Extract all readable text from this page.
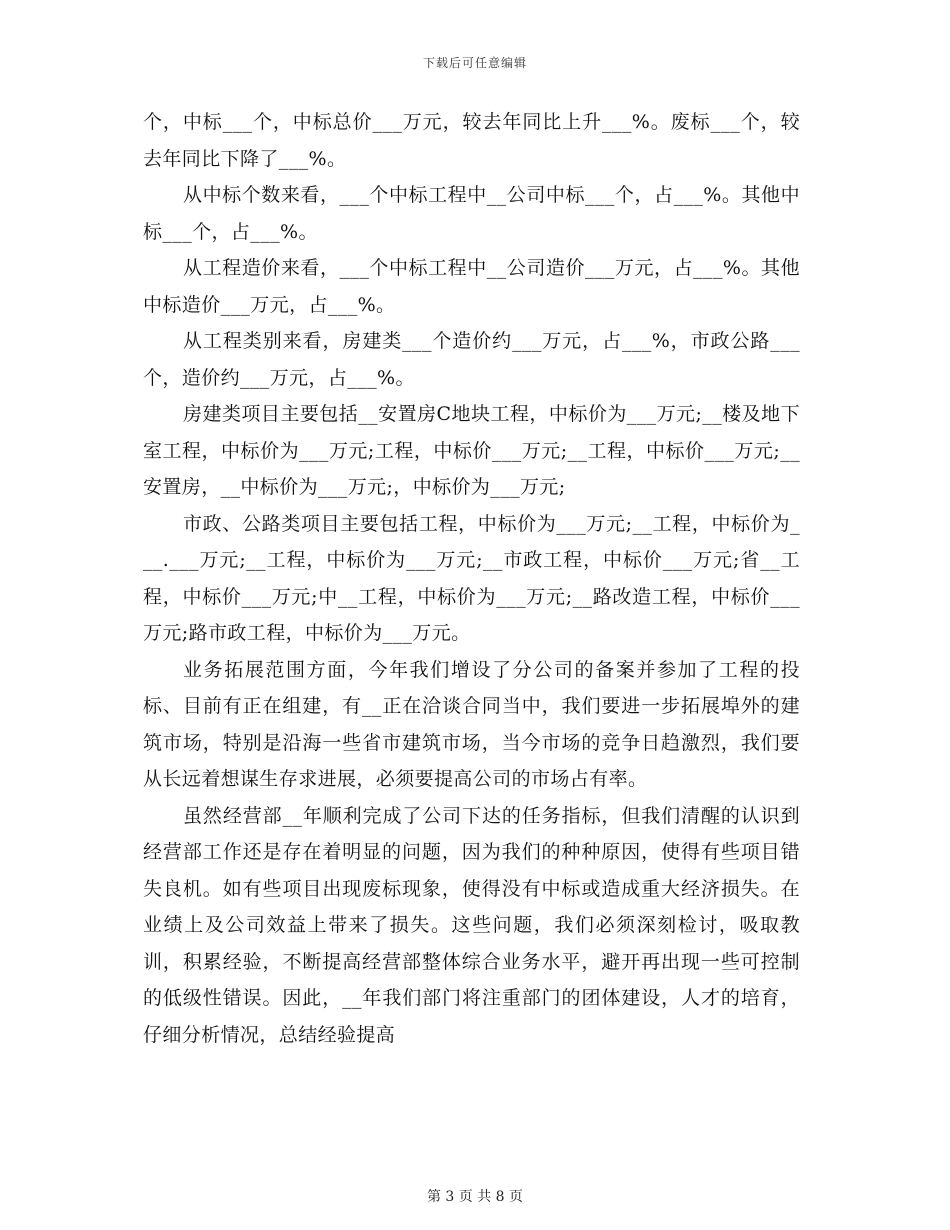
下载后可任意编辑

个，中标___个，中标总价___万元，较去年同比上升___%。废标___个，较去年同比下降了___%。

从中标个数来看，___个中标工程中__公司中标___个，占___%。其他中标___个，占___%。

从工程造价来看，___个中标工程中__公司造价___万元，占___%。其他中标造价___万元，占___%。

从工程类别来看，房建类___个造价约___万元，占___%，市政公路___个，造价约___万元，占___%。

房建类项目主要包括__安置房C地块工程，中标价为___万元;__楼及地下室工程，中标价为___万元;工程，中标价___万元;__工程，中标价___万元;__安置房，__中标价为___万元;，中标价为___万元;

市政、公路类项目主要包括工程，中标价为___万元;__工程，中标价为___.___万元;__工程，中标价为___万元;__市政工程，中标价___万元;省__工程，中标价___万元;中__工程，中标价为___万元;__路改造工程，中标价___万元;路市政工程，中标价为___万元。

业务拓展范围方面，今年我们增设了分公司的备案并参加了工程的投标、目前有正在组建，有__正在洽谈合同当中，我们要进一步拓展埠外的建筑市场，特别是沿海一些省市建筑市场，当今市场的竞争日趋激烈，我们要从长远着想谋生存求进展，必须要提高公司的市场占有率。

虽然经营部__年顺利完成了公司下达的任务指标，但我们清醒的认识到经营部工作还是存在着明显的问题，因为我们的种种原因，使得有些项目错失良机。如有些项目出现废标现象，使得没有中标或造成重大经济损失。在业绩上及公司效益上带来了损失。这些问题，我们必须深刻检讨，吸取教训，积累经验，不断提高经营部整体综合业务水平，避开再出现一些可控制的低级性错误。因此，__年我们部门将注重部门的团体建设，人才的培育，仔细分析情况，总结经验提高

第 3 页 共 8 页
